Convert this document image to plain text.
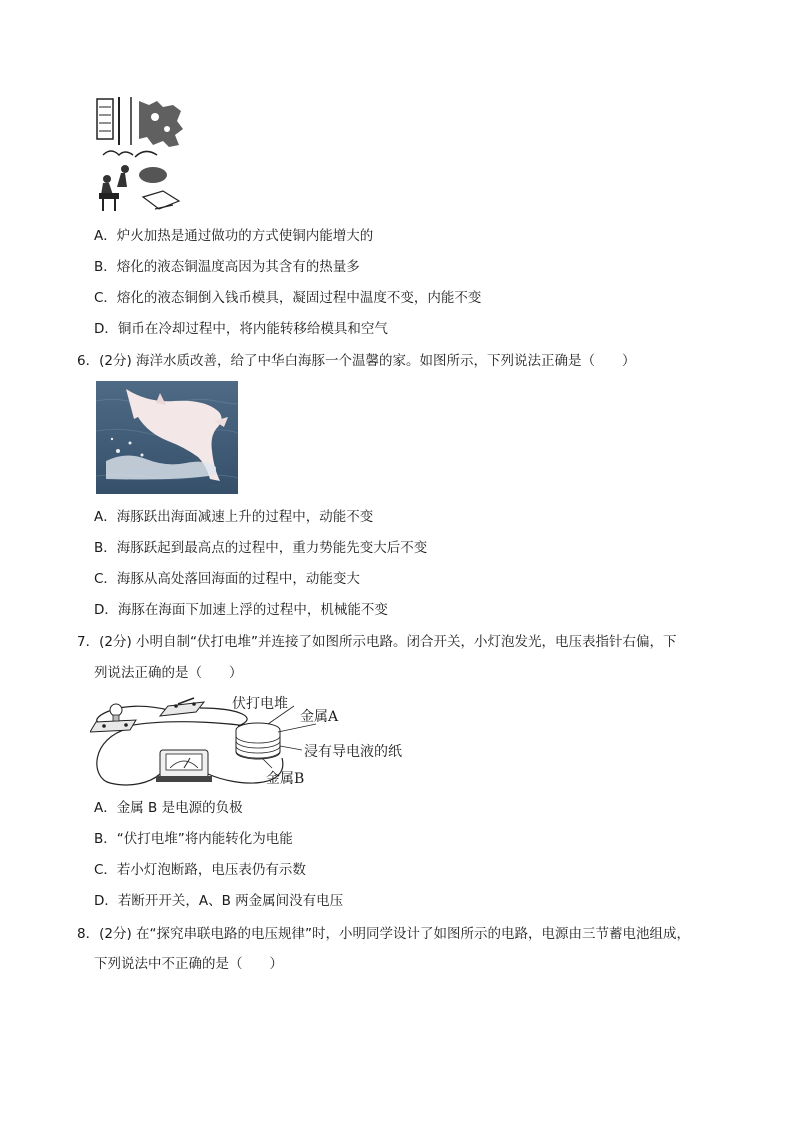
A．炉火加热是通过做功的方式使铜内能增大的
B．熔化的液态铜温度高因为其含有的热量多
C．熔化的液态铜倒入钱币模具，凝固过程中温度不变，内能不变
D．铜币在冷却过程中，将内能转移给模具和空气
6．(2分) 海洋水质改善，给了中华白海豚一个温馨的家。如图所示，下列说法正确是（　　）
A．海豚跃出海面减速上升的过程中，动能不变
B．海豚跃起到最高点的过程中，重力势能先变大后不变
C．海豚从高处落回海面的过程中，动能变大
D．海豚在海面下加速上浮的过程中，机械能不变
7．(2分) 小明自制“伏打电堆”并连接了如图所示电路。闭合开关，小灯泡发光，电压表指针右偏，下
列说法正确的是（　　）
伏打电堆
金属A
浸有导电液的纸
金属B
A．金属 B 是电源的负极
B．“伏打电堆”将内能转化为电能
C．若小灯泡断路，电压表仍有示数
D．若断开开关，A、B 两金属间没有电压
8．(2分) 在“探究串联电路的电压规律”时，小明同学设计了如图所示的电路，电源由三节蓄电池组成，
下列说法中不正确的是（　　）
